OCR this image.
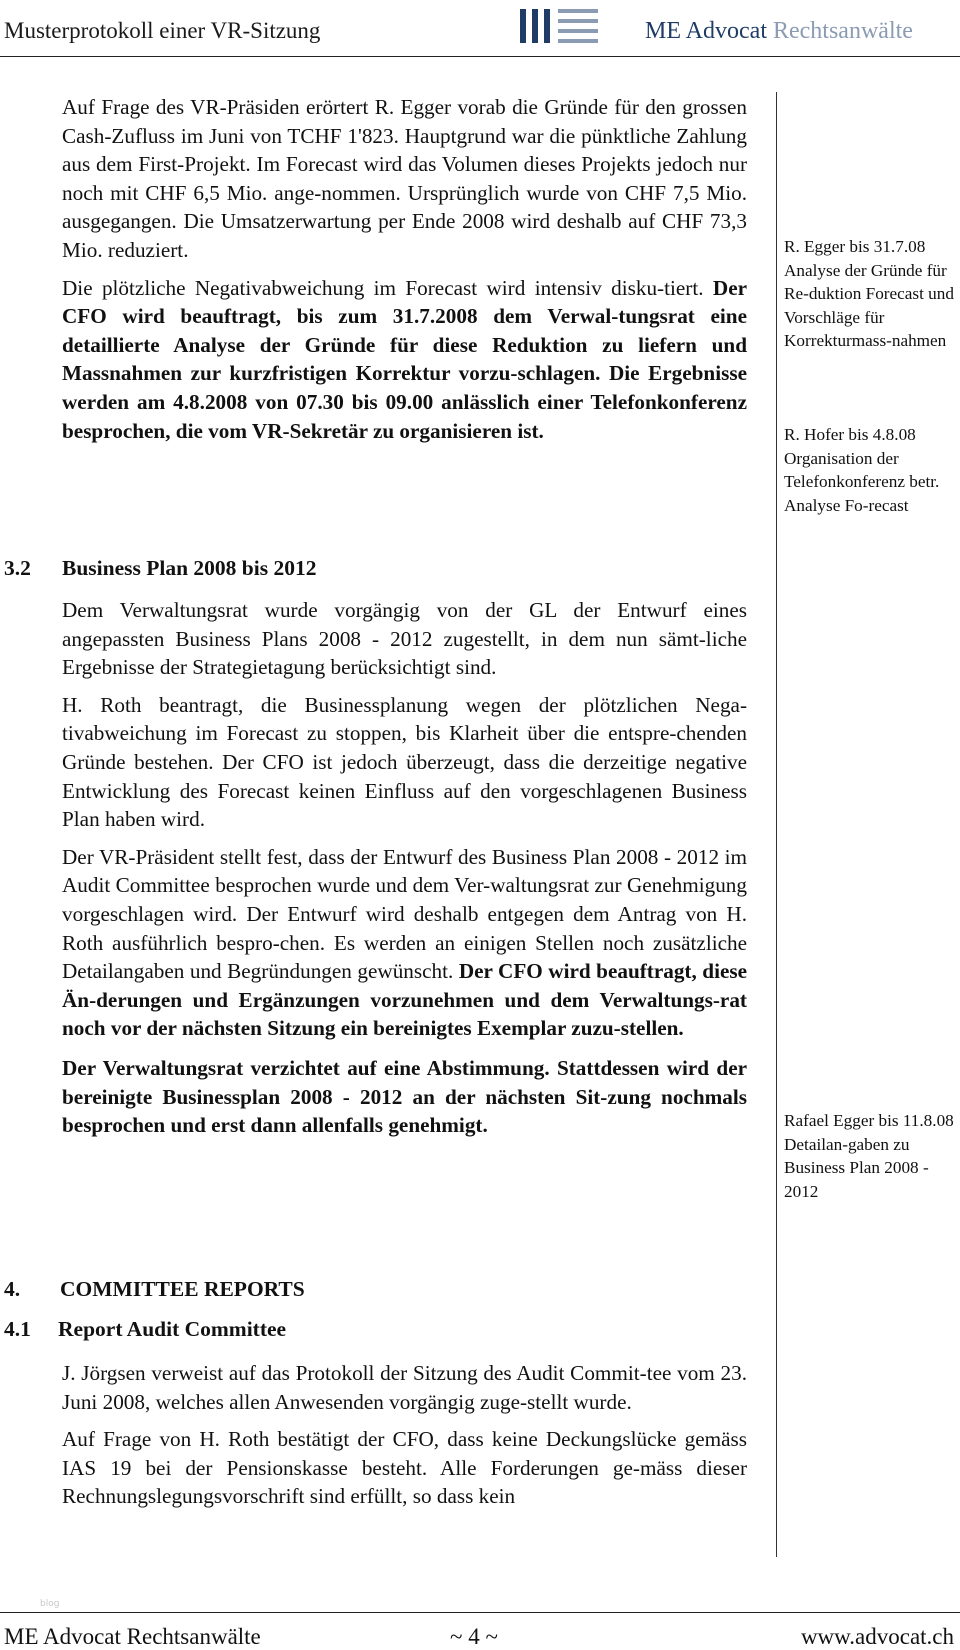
Musterprotokoll einer VR-Sitzung	ME Advocat Rechtsanwälte

Auf Frage des VR-Präsiden erörtert R. Egger vorab die Gründe für den grossen Cash-Zufluss im Juni von TCHF 1'823. Hauptgrund war die pünktliche Zahlung aus dem First-Projekt. Im Forecast wird das Volumen dieses Projekts jedoch nur noch mit CHF 6,5 Mio. ange-nommen. Ursprünglich wurde von CHF 7,5 Mio. ausgegangen. Die Umsatzerwartung per Ende 2008 wird deshalb auf CHF 73,3 Mio. reduziert.

Die plötzliche Negativabweichung im Forecast wird intensiv disku-tiert. Der CFO wird beauftragt, bis zum 31.7.2008 dem Verwal-tungsrat eine detaillierte Analyse der Gründe für diese Reduktion zu liefern und Massnahmen zur kurzfristigen Korrektur vorzu-schlagen. Die Ergebnisse werden am 4.8.2008 von 07.30 bis 09.00 anlässlich einer Telefonkonferenz besprochen, die vom VR-Sekretär zu organisieren ist.

R. Egger bis 31.7.08 Analyse der Gründe für Re-duktion Forecast und Vorschläge für Korrekturmass-nahmen

R. Hofer bis 4.8.08 Organisation der Telefonkonferenz betr. Analyse Fo-recast

3.2 Business Plan 2008 bis 2012

Dem Verwaltungsrat wurde vorgängig von der GL der Entwurf eines angepassten Business Plans 2008 - 2012 zugestellt, in dem nun sämt-liche Ergebnisse der Strategietagung berücksichtigt sind.

H. Roth beantragt, die Businessplanung wegen der plötzlichen Nega-tivabweichung im Forecast zu stoppen, bis Klarheit über die entspre-chenden Gründe bestehen. Der CFO ist jedoch überzeugt, dass die derzeitige negative Entwicklung des Forecast keinen Einfluss auf den vorgeschlagenen Business Plan haben wird.

Der VR-Präsident stellt fest, dass der Entwurf des Business Plan 2008 - 2012 im Audit Committee besprochen wurde und dem Ver-waltungsrat zur Genehmigung vorgeschlagen wird. Der Entwurf wird deshalb entgegen dem Antrag von H. Roth ausführlich bespro-chen. Es werden an einigen Stellen noch zusätzliche Detailangaben und Begründungen gewünscht. Der CFO wird beauftragt, diese Än-derungen und Ergänzungen vorzunehmen und dem Verwaltungs-rat noch vor der nächsten Sitzung ein bereinigtes Exemplar zuzu-stellen.

Der Verwaltungsrat verzichtet auf eine Abstimmung. Stattdessen wird der bereinigte Businessplan 2008 - 2012 an der nächsten Sit-zung nochmals besprochen und erst dann allenfalls genehmigt.	Rafael Egger bis 11.8.08 Detailan-gaben zu Business Plan 2008 - 2012

4. COMMITTEE REPORTS
4.1 Report Audit Committee

J. Jörgsen verweist auf das Protokoll der Sitzung des Audit Commit-tee vom 23. Juni 2008, welches allen Anwesenden vorgängig zuge-stellt wurde.

Auf Frage von H. Roth bestätigt der CFO, dass keine Deckungslücke gemäss IAS 19 bei der Pensionskasse besteht. Alle Forderungen ge-mäss dieser Rechnungslegungsvorschrift sind erfüllt, so dass kein

blog
ME Advocat Rechtsanwälte	~ 4 ~	www.advocat.ch
